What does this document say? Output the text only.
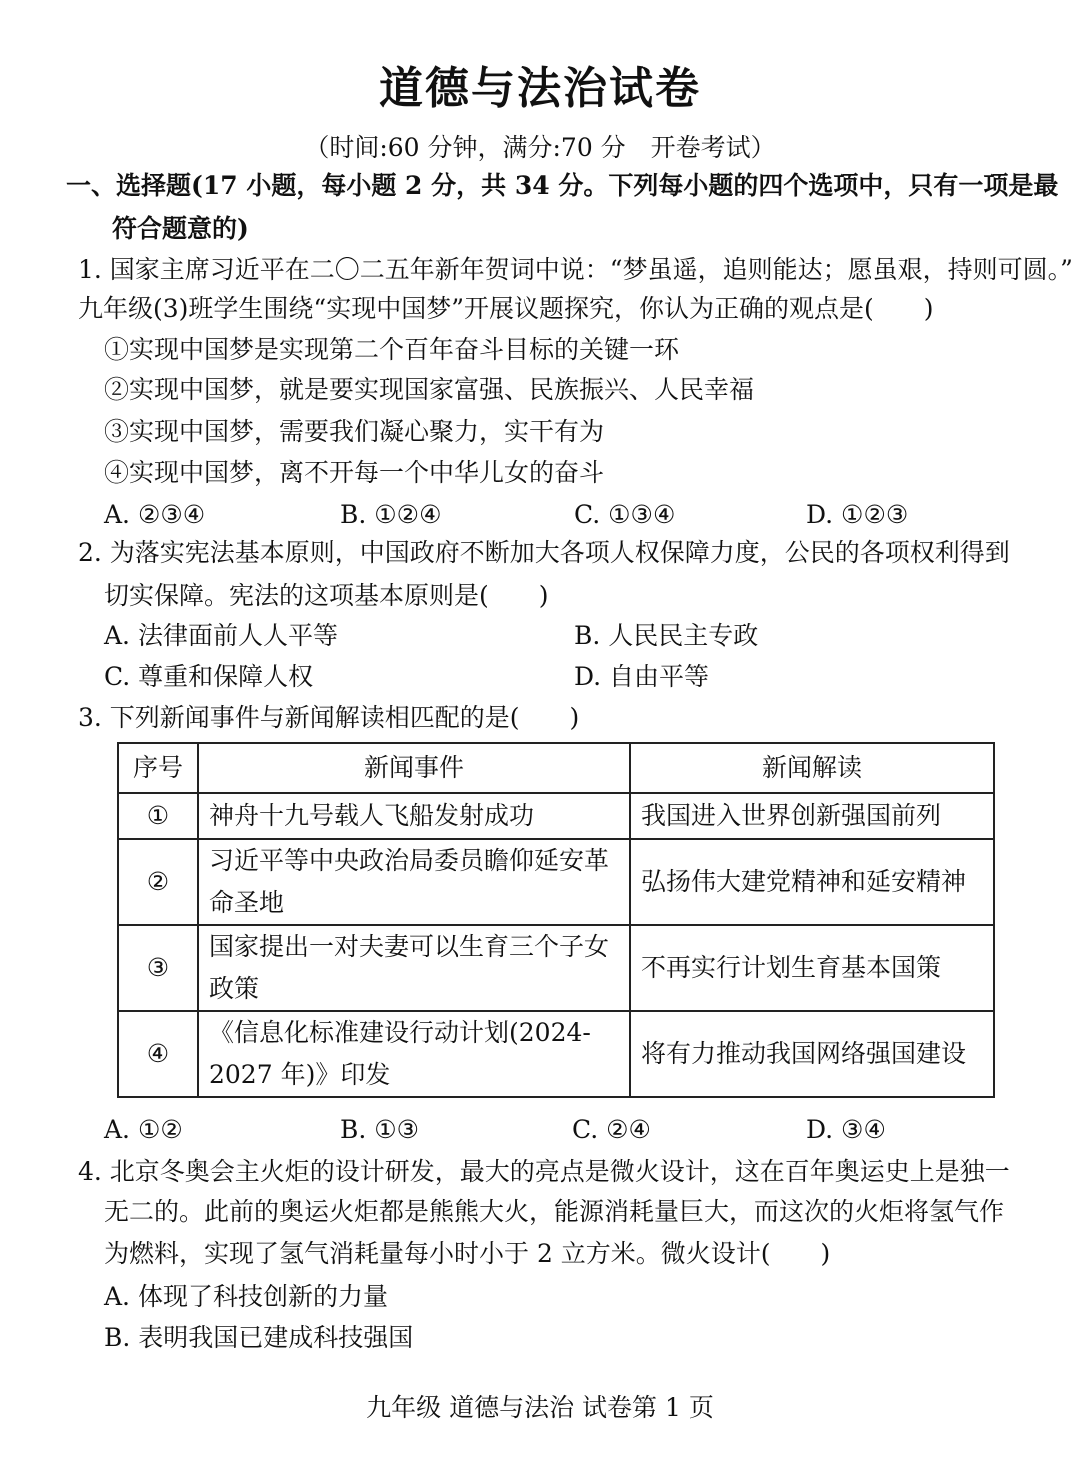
道德与法治试卷
（时间:60 分钟，满分:70 分　开卷考试）
一、选择题(17 小题，每小题 2 分，共 34 分。下列每小题的四个选项中，只有一项是最
符合题意的)
1. 国家主席习近平在二〇二五年新年贺词中说：“梦虽遥，追则能达；愿虽艰，持则可圆。”
九年级(3)班学生围绕“实现中国梦”开展议题探究，你认为正确的观点是(　　)
①实现中国梦是实现第二个百年奋斗目标的关键一环
②实现中国梦，就是要实现国家富强、民族振兴、人民幸福
③实现中国梦，需要我们凝心聚力，实干有为
④实现中国梦，离不开每一个中华儿女的奋斗
A. ②③④	B. ①②④	C. ①③④	D. ①②③
2. 为落实宪法基本原则，中国政府不断加大各项人权保障力度，公民的各项权利得到
切实保障。宪法的这项基本原则是(　　)
A. 法律面前人人平等	B. 人民民主专政
C. 尊重和保障人权	D. 自由平等
3. 下列新闻事件与新闻解读相匹配的是(　　)
序号	新闻事件	新闻解读
①	神舟十九号载人飞船发射成功	我国进入世界创新强国前列
②	习近平等中央政治局委员瞻仰延安革命圣地	弘扬伟大建党精神和延安精神
③	国家提出一对夫妻可以生育三个子女政策	不再实行计划生育基本国策
④	《信息化标准建设行动计划(2024-2027 年)》印发	将有力推动我国网络强国建设
A. ①②	B. ①③	C. ②④	D. ③④
4. 北京冬奥会主火炬的设计研发，最大的亮点是微火设计，这在百年奥运史上是独一
无二的。此前的奥运火炬都是熊熊大火，能源消耗量巨大，而这次的火炬将氢气作
为燃料，实现了氢气消耗量每小时小于 2 立方米。微火设计(　　)
A. 体现了科技创新的力量
B. 表明我国已建成科技强国
九年级 道德与法治 试卷第 1 页
